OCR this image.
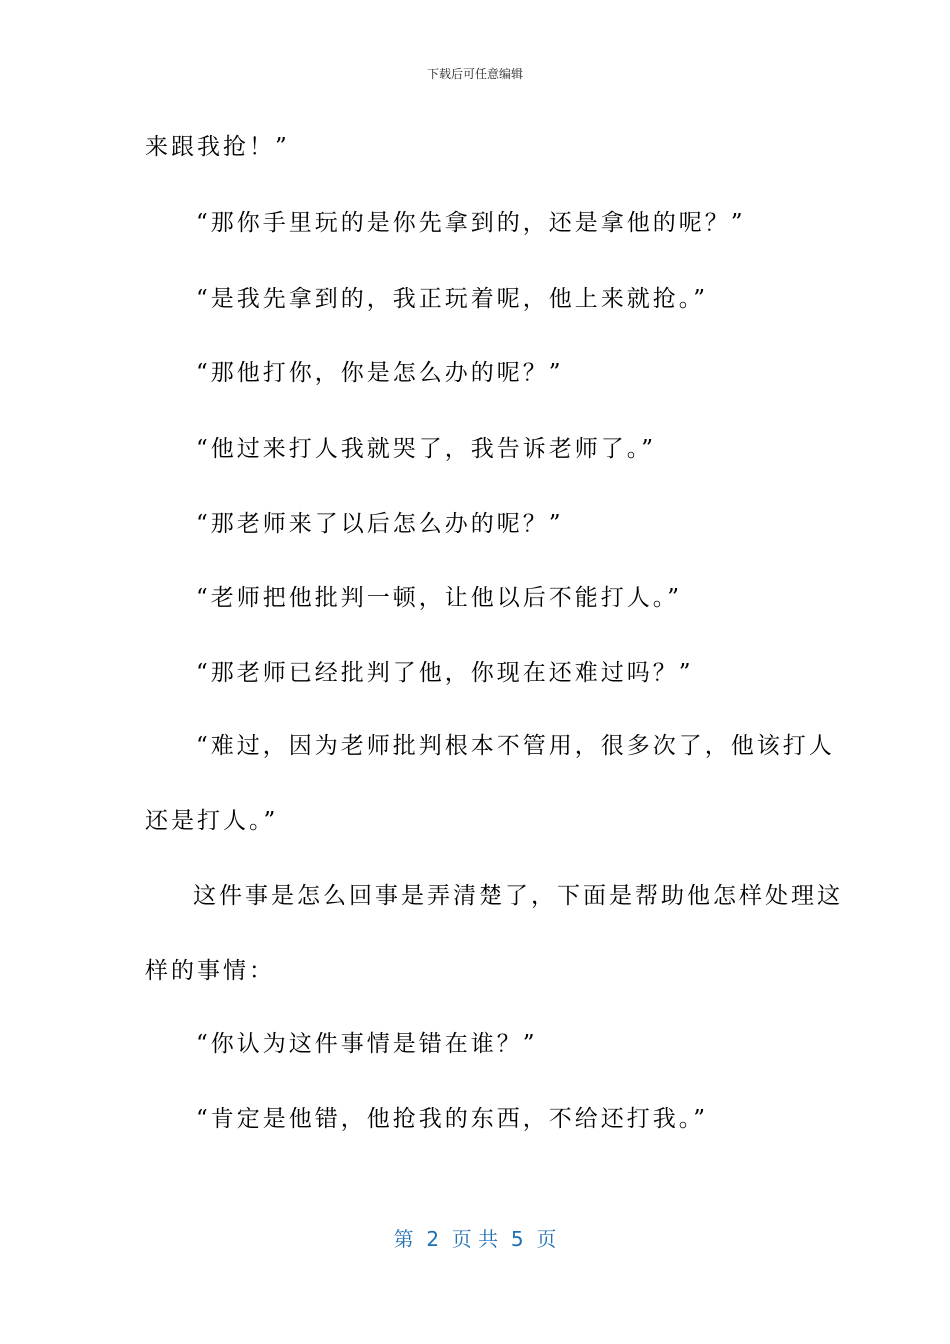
下载后可任意编辑
来跟我抢！”
“那你手里玩的是你先拿到的，还是拿他的呢？”
“是我先拿到的，我正玩着呢，他上来就抢。”
“那他打你，你是怎么办的呢？”
“他过来打人我就哭了，我告诉老师了。”
“那老师来了以后怎么办的呢？”
“老师把他批判一顿，让他以后不能打人。”
“那老师已经批判了他，你现在还难过吗？”
“难过，因为老师批判根本不管用，很多次了，他该打人
还是打人。”
这件事是怎么回事是弄清楚了，下面是帮助他怎样处理这
样的事情：
“你认为这件事情是错在谁？”
“肯定是他错，他抢我的东西，不给还打我。”
第  2  页 共  5  页
